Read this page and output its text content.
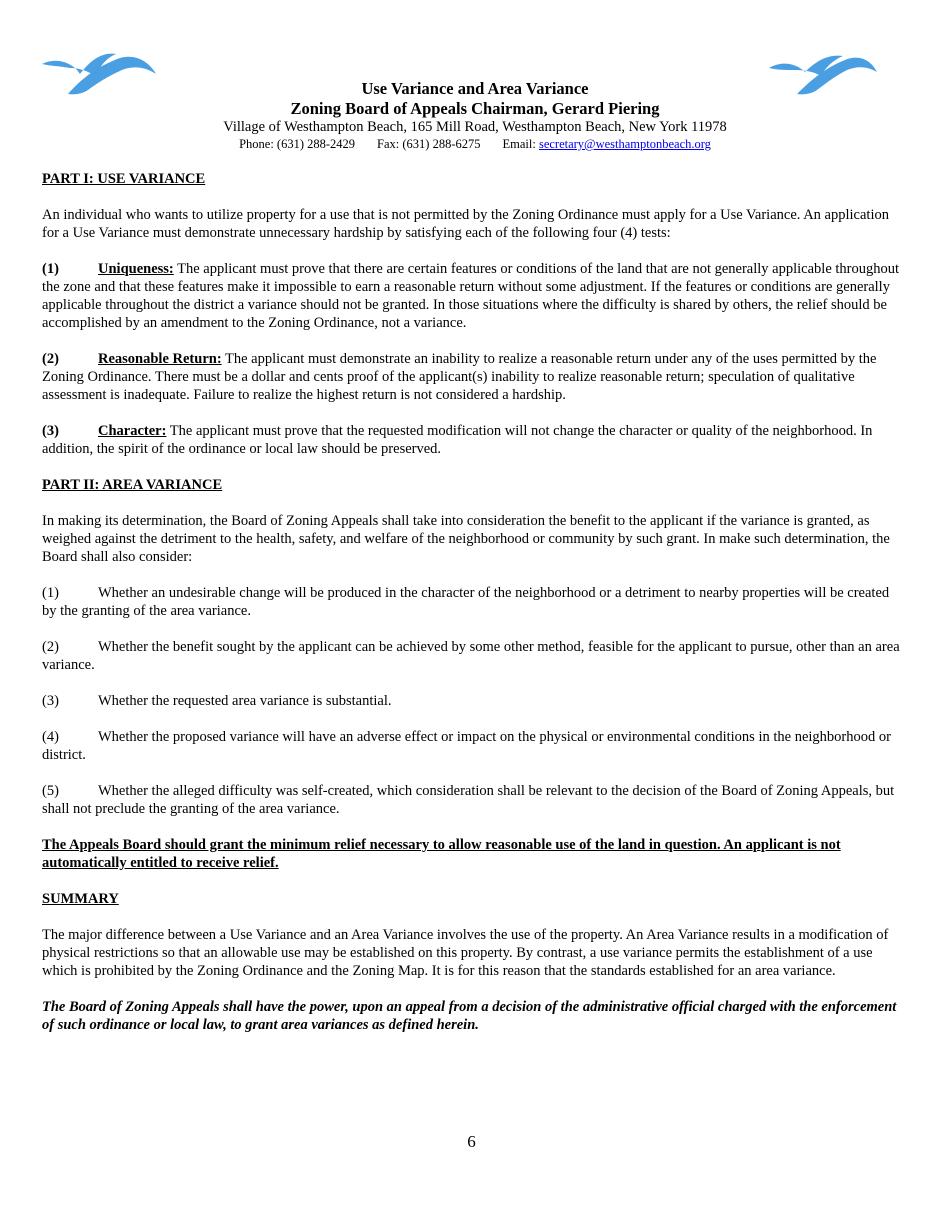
Use Variance and Area Variance
Zoning Board of Appeals Chairman, Gerard Piering
Village of Westhampton Beach, 165 Mill Road, Westhampton Beach, New York 11978
Phone: (631) 288-2429 Fax: (631) 288-6275 Email: secretary@westhamptonbeach.org
PART I: USE VARIANCE

An individual who wants to utilize property for a use that is not permitted by the Zoning Ordinance must apply for a Use Variance. An application for a Use Variance must demonstrate unnecessary hardship by satisfying each of the following four (4) tests:

(1)	Uniqueness: The applicant must prove that there are certain features or conditions of the land that are not generally applicable throughout the zone and that these features make it impossible to earn a reasonable return without some adjustment. If the features or conditions are generally applicable throughout the district a variance should not be granted. In those situations where the difficulty is shared by others, the relief should be accomplished by an amendment to the Zoning Ordinance, not a variance.

(2)	Reasonable Return: The applicant must demonstrate an inability to realize a reasonable return under any of the uses permitted by the Zoning Ordinance. There must be a dollar and cents proof of the applicant(s) inability to realize reasonable return; speculation of qualitative assessment is inadequate. Failure to realize the highest return is not considered a hardship.

(3)	Character: The applicant must prove that the requested modification will not change the character or quality of the neighborhood. In addition, the spirit of the ordinance or local law should be preserved.

PART II: AREA VARIANCE

In making its determination, the Board of Zoning Appeals shall take into consideration the benefit to the applicant if the variance is granted, as weighed against the detriment to the health, safety, and welfare of the neighborhood or community by such grant. In make such determination, the Board shall also consider:

(1)	Whether an undesirable change will be produced in the character of the neighborhood or a detriment to nearby properties will be created by the granting of the area variance.

(2)	Whether the benefit sought by the applicant can be achieved by some other method, feasible for the applicant to pursue, other than an area variance.

(3)	Whether the requested area variance is substantial.

(4)	Whether the proposed variance will have an adverse effect or impact on the physical or environmental conditions in the neighborhood or district.

(5)	Whether the alleged difficulty was self-created, which consideration shall be relevant to the decision of the Board of Zoning Appeals, but shall not preclude the granting of the area variance.

The Appeals Board should grant the minimum relief necessary to allow reasonable use of the land in question. An applicant is not automatically entitled to receive relief.

SUMMARY

The major difference between a Use Variance and an Area Variance involves the use of the property. An Area Variance results in a modification of physical restrictions so that an allowable use may be established on this property. By contrast, a use variance permits the establishment of a use which is prohibited by the Zoning Ordinance and the Zoning Map. It is for this reason that the standards established for an area variance.

The Board of Zoning Appeals shall have the power, upon an appeal from a decision of the administrative official charged with the enforcement of such ordinance or local law, to grant area variances as defined herein.

6
